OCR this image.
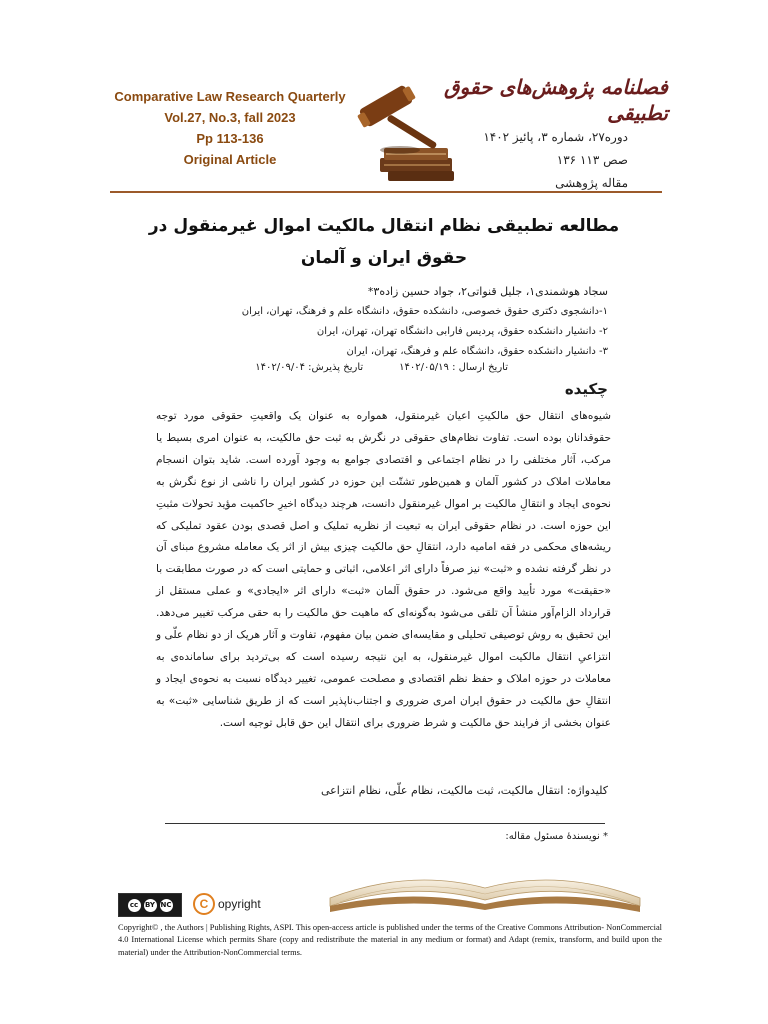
Comparative Law Research Quarterly
Vol.27, No.3, fall 2023
Pp 113-136
Original Article
فصلنامه پژوهش‌های حقوق تطبیقی
دوره۲۷، شماره ۳، پائیز ۱۴۰۲
صص ۱۱۳ ۱۳۶
مقاله پژوهشی
مطالعه تطبیقی نظام انتقال مالکیت اموال غیرمنقول در
حقوق ایران و آلمان
سجاد هوشمندی۱، جلیل قنواتی۲، جواد حسین زاده۳*
۱-دانشجوی دکتری حقوق خصوصی، دانشکده حقوق، دانشگاه علم و فرهنگ، تهران، ایران
۲- دانشیار دانشکده حقوق، پردیس فارابی دانشگاه تهران، تهران، ایران
۳- دانشیار دانشکده حقوق، دانشگاه علم و فرهنگ، تهران، ایران
تاریخ ارسال : ۱۴۰۲/۰۵/۱۹
تاریخ پذیرش: ۱۴۰۲/۰۹/۰۴
چکیده
شیوه‌های انتقال حق مالکیتِ اعیان غیرمنقول، همواره به عنوان یک واقعیتِ حقوقی مورد توجه حقوقدانان بوده است. تفاوت نظام‌های حقوقی در نگرش به ثبت حق مالکیت، به عنوان امری بسیط یا مرکب، آثار مختلفی را در نظام اجتماعی و اقتصادی جوامع به وجود آورده است. شاید بتوان انسجام معاملات املاک در کشور آلمان و همین‌طور تشتّت این حوزه در کشور ایران را ناشی از نوع نگرش به نحوه‌ی ایجاد و انتقالِ مالکیت بر اموال غیرمنقول دانست، هرچند دیدگاه اخیرِ حاکمیت مؤید تحولات مثبتِ این حوزه است. در نظام حقوقی ایران به تبعیت از نظریه تملیک و اصل قصدی بودن عقود تملیکی که ریشه‌های محکمی در فقه امامیه دارد، انتقالِ حق مالکیت چیزی بیش از اثر یک معامله مشروع مبنای آن در نظر گرفته نشده و «ثبت» نیز صرفاً دارای اثر اعلامی، اثباتی و حمایتی است که در صورت مطابقت با «حقیقت» مورد تأیید واقع می‌شود. در حقوق آلمان «ثبت» دارای اثر «ایجادی» و عملی مستقل از قرارداد الزام‌آور منشأ آن تلقی می‌شود به‌گونه‌ای که ماهیت حق مالکیت را به حقی مرکب تغییر می‌دهد. این تحقیق به روش توصیفی تحلیلی و مقایسه‌ای ضمن بیان مفهوم، تفاوت و آثار هریک از دو نظام علّی و انتزاعیِ انتقال مالکیت اموال غیرمنقول، به این نتیجه رسیده است که بی‌تردید برای سامانده‌ی به معاملات در حوزه املاک و حفظ نظم اقتصادی و مصلحت عمومی، تغییر دیدگاه نسبت به نحوه‌ی ایجاد و انتقالِ حق مالکیت در حقوق ایران امری ضروری و اجتناب‌ناپذیر است که از طریق شناسایی «ثبت» به عنوان بخشی از فرایند حق مالکیت و شرط ضروری برای انتقال این حق قابل توجیه است.
کلیدواژه: انتقال مالکیت، ثبت مالکیت، نظام علّی، نظام انتزاعی
* نویسندۀ مسئول مقاله:
cc BY NC	C opyright
Copyright© , the Authors | Publishing Rights, ASPI. This open-access article is published under the terms of the Creative Commons Attribution- NonCommercial 4.0 International License which permits Share (copy and redistribute the material in any medium or format) and Adapt (remix, transform, and build upon the material) under the Attribution-NonCommercial terms.
